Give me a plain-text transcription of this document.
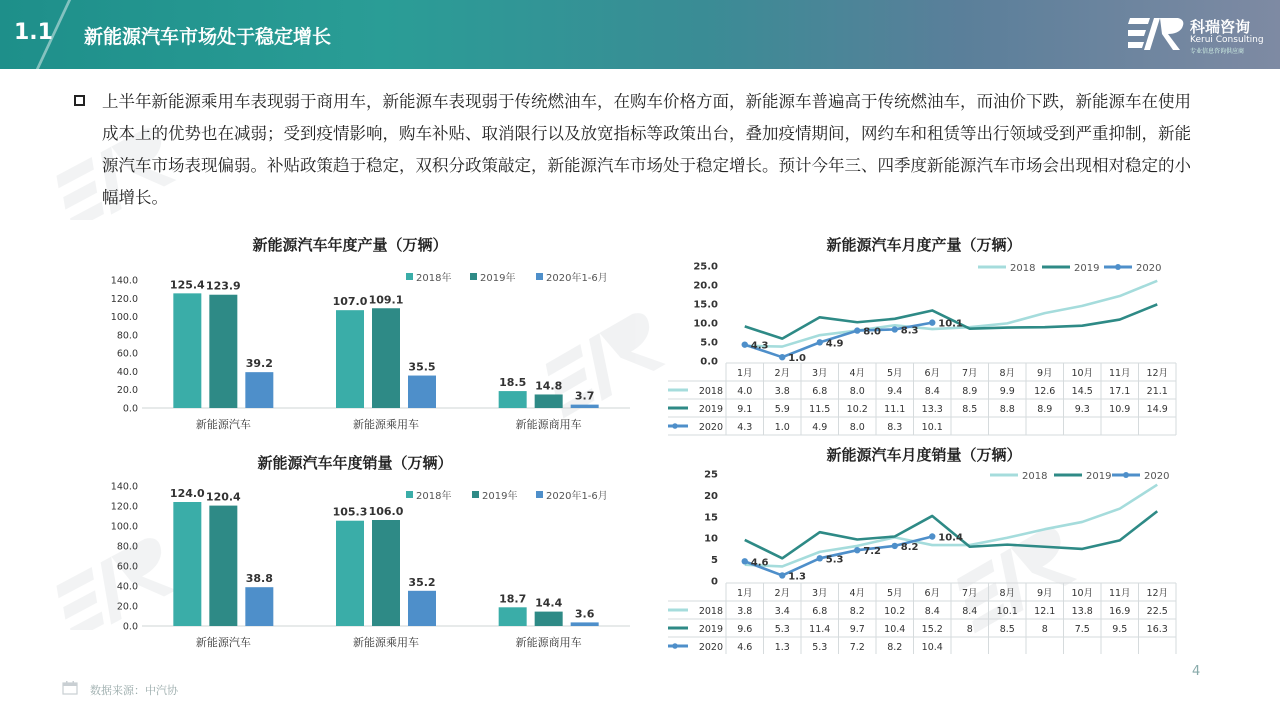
1.1 新能源汽车市场处于稳定增长	科瑞咨询
Kerui Consulting
专业信息咨询供应商
上半年新能源乘用车表现弱于商用车，新能源车表现弱于传统燃油车，在购车价格方面，新能源车普遍高于传统燃油车，而油价下跌，新能源车在使用成本上的优势也在减弱；受到疫情影响，购车补贴、取消限行以及放宽指标等政策出台，叠加疫情期间，网约车和租赁等出行领域受到严重抑制，新能源汽车市场表现偏弱。补贴政策趋于稳定，双积分政策敲定，新能源汽车市场处于稳定增长。预计今年三、四季度新能源汽车市场会出现相对稳定的小幅增长。
新能源汽车年度产量（万辆）
2018年	2019年	2020年1-6月
0.0
20.0
40.0
60.0
80.0
100.0
120.0
140.0	125.4 123.9
39.2
新能源汽车
107.0 109.1
35.5
新能源乘用车
18.5 14.8
3.7
新能源商用车
新能源汽车年度销量（万辆）
2018年	2019年	2020年1-6月
0.0
20.0
40.0
60.0
80.0
100.0
120.0
140.0	124.0 120.4
38.8
新能源汽车
105.3 106.0
35.2
新能源乘用车
18.7 14.4
3.6
新能源商用车
新能源汽车月度产量（万辆）
2018	2019	2020
0.0
5.0
10.0
15.0
20.0
25.0
4.3
1.0
4.9
8.0 8.3
10.1
1月 2月 3月 4月 5月 6月 7月 8月 9月 10月 11月 12月
2018 4.0 3.8 6.8 8.0 9.4 8.4 8.9 9.9 12.6 14.5 17.1 21.1
2019 9.1 5.9 11.5 10.2 11.1 13.3 8.5 8.8 8.9 9.3 10.9 14.9
2020 4.3 1.0 4.9 8.0 8.3 10.1
新能源汽车月度销量（万辆）
2018	2019	2020
0
5
10
15
20
25
4.6
1.3
5.3
7.2 8.2
10.4
1月 2月 3月 4月 5月 6月 7月 8月 9月 10月 11月 12月
2018 3.8 3.4 6.8 8.2 10.2 8.4 8.4 10.1 12.1 13.8 16.9 22.5
2019 9.6 5.3 11.4 9.7 10.4 15.2	8	8.5	8	7.5 9.5 16.3
2020 4.6 1.3 5.3 7.2 8.2 10.4
数据来源：中汽协
4
